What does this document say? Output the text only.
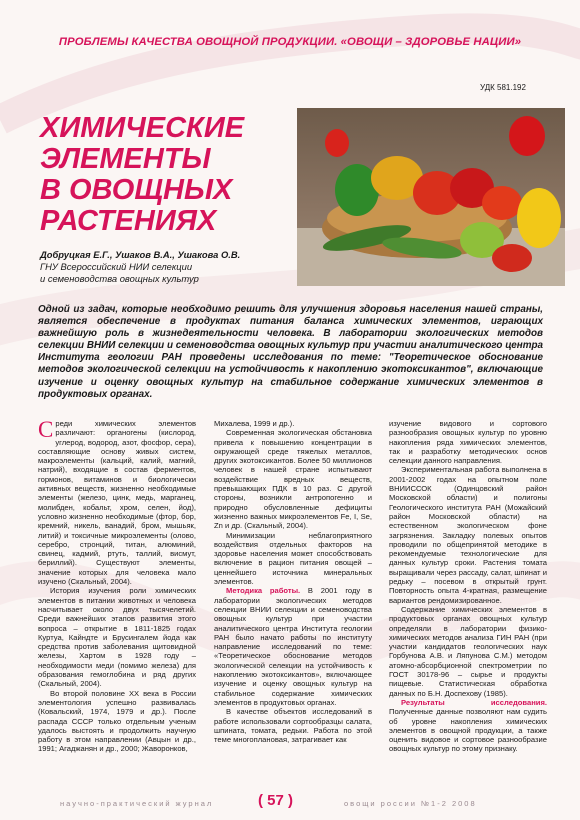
ПРОБЛЕМЫ КАЧЕСТВА ОВОЩНОЙ ПРОДУКЦИИ. «ОВОЩИ – ЗДОРОВЬЕ НАЦИИ»
УДК 581.192
ХИМИЧЕСКИЕ
ЭЛЕМЕНТЫ
В ОВОЩНЫХ
РАСТЕНИЯХ
Добруцкая Е.Г., Ушаков В.А., Ушакова О.В.
ГНУ Всероссийский НИИ селекции
и семеноводства овощных культур
Одной из задач, которые необходимо решить для улучшения здоровья населения нашей страны, является обеспечение в продуктах питания баланса химических элементов, играющих важнейшую роль в жизнедеятельности человека. В лаборатории экологических методов селекции ВНИИ селекции и семеноводства овощных культур при участии аналитического центра Института геологии РАН проведены исследования по теме: "Теоретическое обоснование методов экологической селекции на устойчивость к накоплению экотоксикантов", включающие изучение и оценку овощных культур на стабильное содержание химических элементов в продуктовых органах.

Среди химических элементов различают: органогены (кислород, углерод, водород, азот, фосфор, сера), составляющие основу живых систем, макроэлементы (кальций, калий, магний, натрий), входящие в состав ферментов, гормонов, витаминов и биологически активных веществ, жизненно необходимые элементы (железо, цинк, медь, марганец, молибден, кобальт, хром, селен, йод), условно жизненно необходимые (фтор, бор, кремний, никель, ванадий, бром, мышьяк, литий) и токсичные микроэлементы (олово, серебро, стронций, титан, алюминий, свинец, кадмий, ртуть, таллий, висмут, бериллий). Существуют элементы, значение которых для человека мало изучено (Скальный, 2004).

История изучения роли химических элементов в питании животных и человека насчитывает около двух тысячелетий. Среди важнейших этапов развития этого вопроса – открытие в 1811-1825 годах Куртуа, Кайндте и Брусингалем йода как средства против заболевания щитовидной железы, Хартом в 1928 году – необходимости меди (помимо железа) для образования гемоглобина и ряд других (Скальный, 2004).

Во второй половине XX века в России элементология успешно развивалась (Ковальский, 1974, 1979 и др.). После распада СССР только отдельным ученым удалось выстоять и продолжить научную работу в этом направлении (Авцын и др., 1991; Агаджанян и др., 2000; Жаворонков,

Михалева, 1999 и др.).

Современная экологическая обстановка привела к повышению концентрации в окружающей среде тяжелых металлов, других экотоксикантов. Более 50 миллионов человек в нашей стране испытывают воздействие вредных веществ, превышающих ПДК в 10 раз. С другой стороны, возникли антропогенно и природно обусловленные дефициты жизненно важных микроэлементов Fe, I, Se, Zn и др. (Скальный, 2004).

Минимизации неблагоприятного воздействия отдельных факторов на здоровье населения может способствовать включение в рацион питания овощей – ценнейшего источника минеральных элементов.

Методика работы. В 2001 году в лаборатории экологических методов селекции ВНИИ селекции и семеноводства овощных культур при участии аналитического центра Института геологии РАН было начато работы по институту направление исследований по теме: «Теоретическое обоснование методов экологической селекции на устойчивость к накоплению экотоксикантов», включающее изучение и оценку овощных культур на стабильное содержание химических элементов в продуктовых органах.

В качестве объектов исследований в работе использовали сортообразцы салата, шпината, томата, редьки. Работа по этой теме многоплановая, затрагивает как

изучение видового и сортового разнообразия овощных культур по уровню накопления ряда химических элементов, так и разработку методических основ селекции данного направления.

Экспериментальная работа выполнена в 2001-2002 годах на опытном поле ВНИИССОК (Одинцовский район Московской области) и полигоны Геологического института РАН (Можайский район Московской области) на естественном экологическом фоне загрязнения. Закладку полевых опытов проводили по общепринятой методике в рекомендуемые технологические для данных культур сроки. Растения томата выращивали через рассаду, салат, шпинат и редьку – посевом в открытый грунт. Повторность опыта 4-кратная, размещение вариантов рендомизированное.

Содержание химических элементов в продуктовых органах овощных культур определяли в лаборатории физико-химических методов анализа ГИН РАН (при участии кандидатов геологических наук Горбунова А.В. и Ляпунова С.М.) методом атомно-абсорбционной спектрометрии по ГОСТ 30178-96 – сырье и продукты пищевые. Статистическая обработка данных по Б.Н. Доспехову (1985).

Результаты исследования. Полученные данные позволяют нам судить об уровне накопления химических элементов в овощной продукции, а также оценить видовое и сортовое разнообразие овощных культур по этому признаку.

научно-практический журнал	( 57 )	овощи россии №1-2 2008
